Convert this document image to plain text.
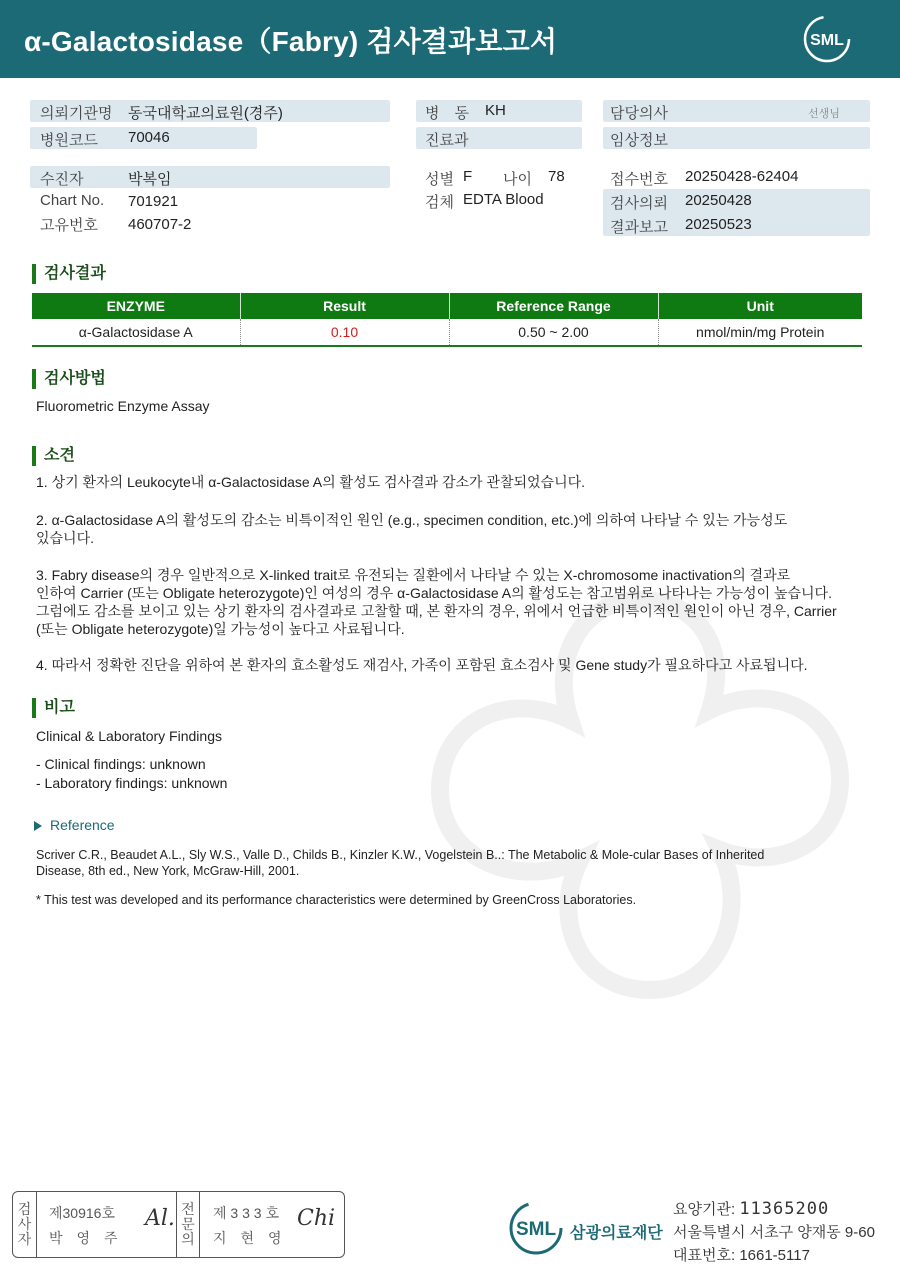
α-Galactosidase（Fabry) 검사결과보고서	SML
의뢰기관명 동국대학교의료원(경주)
병원코드 70046
병　동 KH
진료과
담당의사	선생님
임상정보
수진자	박복임
Chart No. 701921
고유번호 460707-2
성별 F 나이 78
검체 EDTA Blood
접수번호 20250428-62404
검사의뢰 20250428
결과보고 20250523
검사결과
ENZYME	Result	Reference Range	Unit
α-Galactosidase A	0.10	0.50 ~ 2.00	nmol/min/mg Protein
검사방법
Fluorometric Enzyme Assay
소견
1. 상기 환자의 Leukocyte내 α-Galactosidase A의 활성도 검사결과 감소가 관찰되었습니다.
2. α-Galactosidase A의 활성도의 감소는 비특이적인 원인 (e.g., specimen condition, etc.)에 의하여 나타날 수 있는 가능성도
있습니다.
3. Fabry disease의 경우 일반적으로 X-linked trait로 유전되는 질환에서 나타날 수 있는 X-chromosome inactivation의 결과로
인하여 Carrier (또는 Obligate heterozygote)인 여성의 경우 α-Galactosidase A의 활성도는 참고범위로 나타나는 가능성이 높습니다.
그럼에도 감소를 보이고 있는 상기 환자의 검사결과로 고찰할 때, 본 환자의 경우, 위에서 언급한 비특이적인 원인이 아닌 경우, Carrier
(또는 Obligate heterozygote)일 가능성이 높다고 사료됩니다.
4. 따라서 정확한 진단을 위하여 본 환자의 효소활성도 재검사, 가족이 포함된 효소검사 및 Gene study가 필요하다고 사료됩니다.
비고
Clinical & Laboratory Findings
- Clinical findings: unknown
- Laboratory findings: unknown
Reference
Scriver C.R., Beaudet A.L., Sly W.S., Valle D., Childs B., Kinzler K.W., Vogelstein B..: The Metabolic & Mole-cular Bases of Inherited
Disease, 8th ed., New York, McGraw-Hill, 2001.
* This test was developed and its performance characteristics were determined by GreenCross Laboratories.
검
사
자
제30916호
박　영　주
Al. 전
문
의
제 3 3 3 호
지　현　영
Chi	SML 삼광의료재단
요양기관: 11365200
서울특별시 서초구 양재동 9-60
대표번호: 1661-5117
